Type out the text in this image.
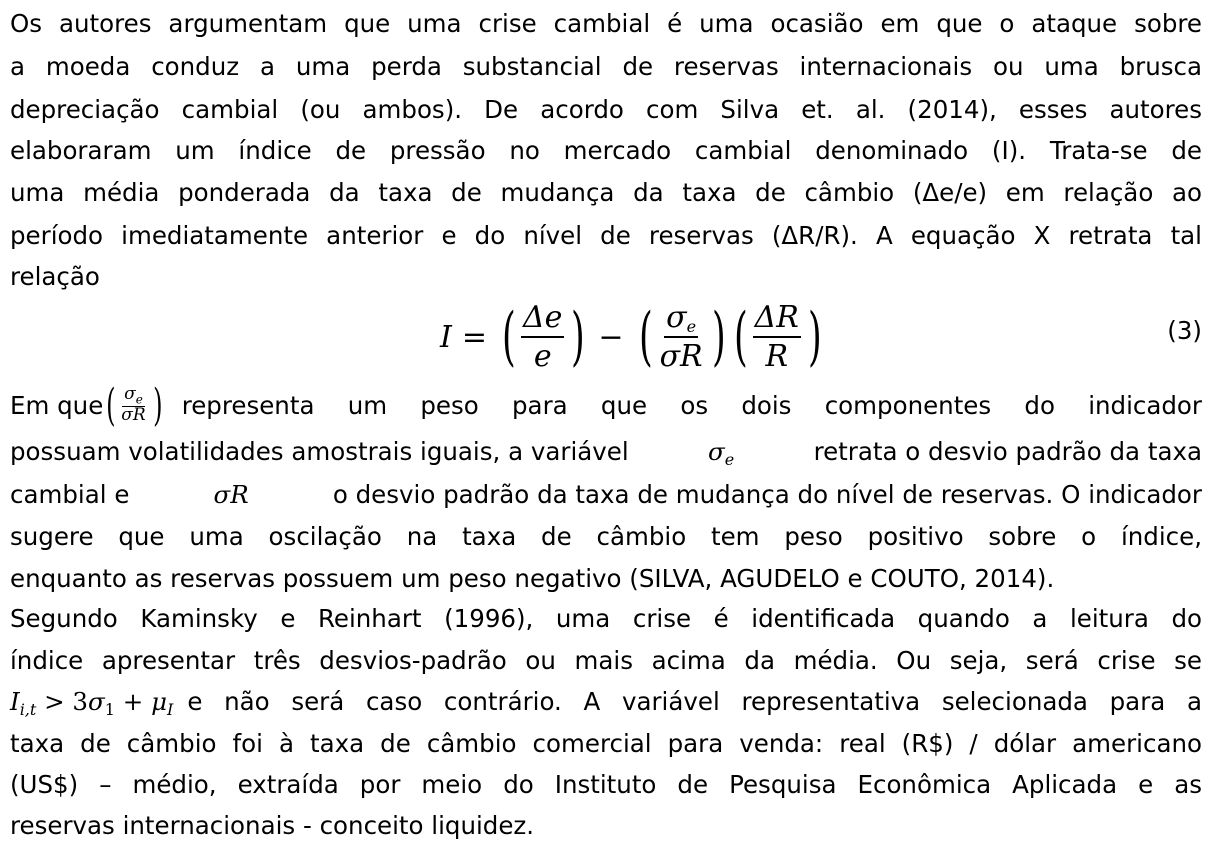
Os autores argumentam que uma crise cambial é uma ocasião em que o ataque sobre
a moeda conduz a uma perda substancial de reservas internacionais ou uma brusca
depreciação cambial (ou ambos). De acordo com Silva et. al. (2014), esses autores
elaboraram um índice de pressão no mercado cambial denominado (I). Trata-se de
uma média ponderada da taxa de mudança da taxa de câmbio (Δe/e) em relação ao
período imediatamente anterior e do nível de reservas (ΔR/R). A equação X retrata tal
relação
I = ( $\frac{\Delta e}{e}$ ) − ( $\frac{\sigma_e}{\sigma R}$ ) ( $\frac{\Delta R}{R}$ )	(3)
Em que ( $\sigma_e$
σR ) representa um peso para que os dois componentes do indicador
possuam volatilidades amostrais iguais, a variável	$\sigma_e$	retrata o desvio padrão da taxa
cambial e	σR	o desvio padrão da taxa de mudança do nível de reservas. O indicador
sugere que uma oscilação na taxa de câmbio tem peso positivo sobre o índice,
enquanto as reservas possuem um peso negativo (SILVA, AGUDELO e COUTO, 2014).
Segundo Kaminsky e Reinhart (1996), uma crise é identificada quando a leitura do
índice apresentar três desvios-padrão ou mais acima da média. Ou seja, será crise se
$I_{i,t} > 3\sigma_1 + \mu_I$ e não será caso contrário. A variável representativa selecionada para a
taxa de câmbio foi à taxa de câmbio comercial para venda: real (R$) / dólar americano
(US$) – médio, extraída por meio do Instituto de Pesquisa Econômica Aplicada e as
reservas internacionais - conceito liquidez.
